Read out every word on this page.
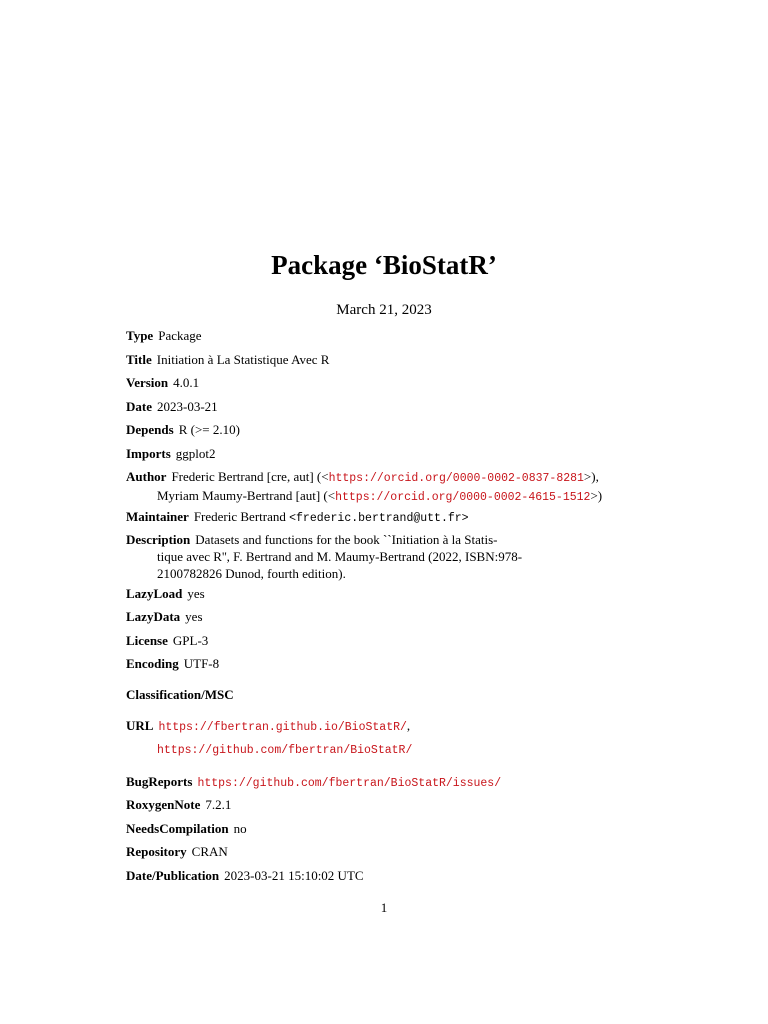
Package ‘BioStatR’
March 21, 2023
Type Package
Title Initiation à La Statistique Avec R
Version 4.0.1
Date 2023-03-21
Depends R (>= 2.10)
Imports ggplot2
Author Frederic Bertrand [cre, aut] (<https://orcid.org/0000-0002-0837-8281>),
Myriam Maumy-Bertrand [aut] (<https://orcid.org/0000-0002-4615-1512>)
Maintainer Frederic Bertrand <frederic.bertrand@utt.fr>
Description Datasets and functions for the book ``Initiation à la Statis-
tique avec R'', F. Bertrand and M. Maumy-Bertrand (2022, ISBN:978-
2100782826 Dunod, fourth edition).
LazyLoad yes
LazyData yes
License GPL-3
Encoding UTF-8
Classification/MSC
URL https://fbertran.github.io/BioStatR/,
https://github.com/fbertran/BioStatR/
BugReports https://github.com/fbertran/BioStatR/issues/
RoxygenNote 7.2.1
NeedsCompilation no
Repository CRAN
Date/Publication 2023-03-21 15:10:02 UTC
1
